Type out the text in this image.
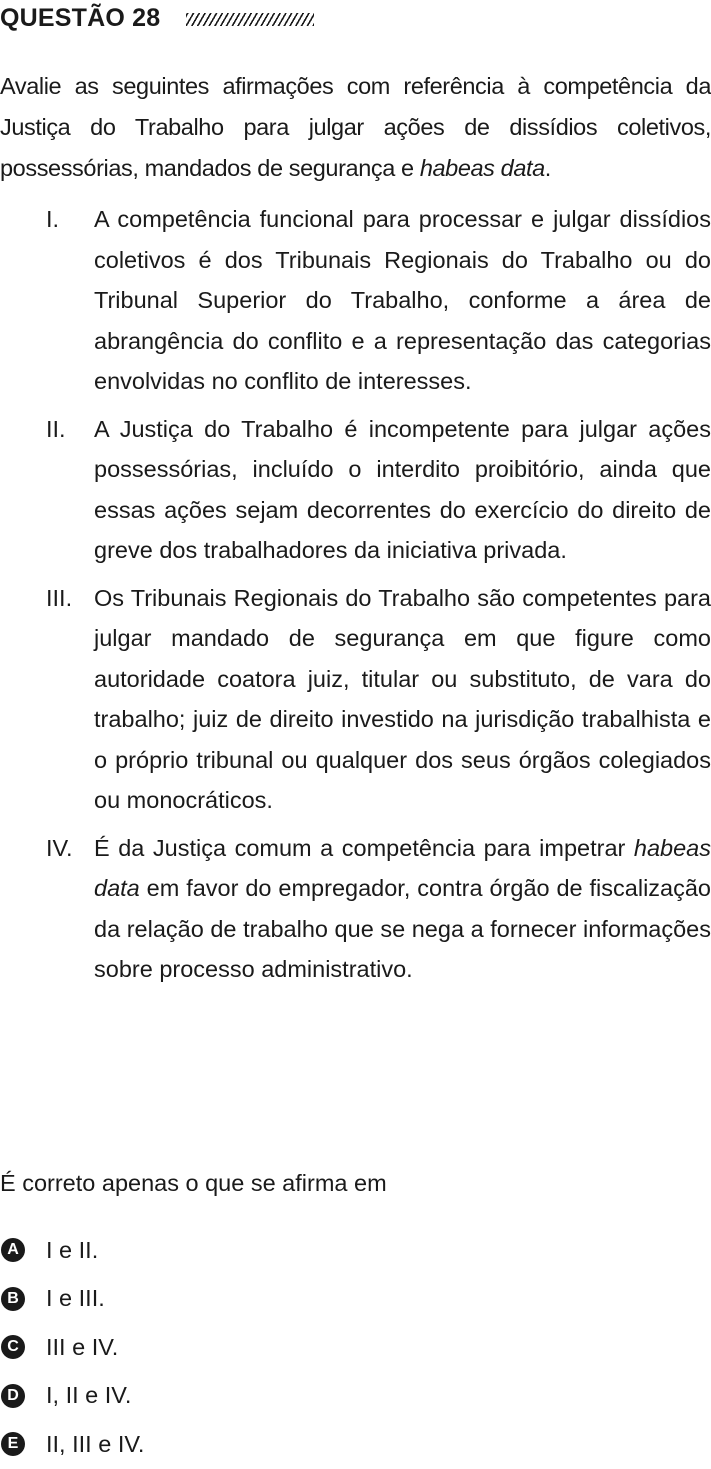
QUESTÃO 28
Avalie as seguintes afirmações com referência à competência da Justiça do Trabalho para julgar ações de dissídios coletivos, possessórias, mandados de segurança e habeas data.
I. A competência funcional para processar e julgar dissídios coletivos é dos Tribunais Regionais do Trabalho ou do Tribunal Superior do Trabalho, conforme a área de abrangência do conflito e a representação das categorias envolvidas no conflito de interesses.
II. A Justiça do Trabalho é incompetente para julgar ações possessórias, incluído o interdito proibitório, ainda que essas ações sejam decorrentes do exercício do direito de greve dos trabalhadores da iniciativa privada.
III. Os Tribunais Regionais do Trabalho são competentes para julgar mandado de segurança em que figure como autoridade coatora juiz, titular ou substituto, de vara do trabalho; juiz de direito investido na jurisdição trabalhista e o próprio tribunal ou qualquer dos seus órgãos colegiados ou monocráticos.
IV. É da Justiça comum a competência para impetrar habeas data em favor do empregador, contra órgão de fiscalização da relação de trabalho que se nega a fornecer informações sobre processo administrativo.
É correto apenas o que se afirma em
A I e II.
B I e III.
C III e IV.
D I, II e IV.
E II, III e IV.
